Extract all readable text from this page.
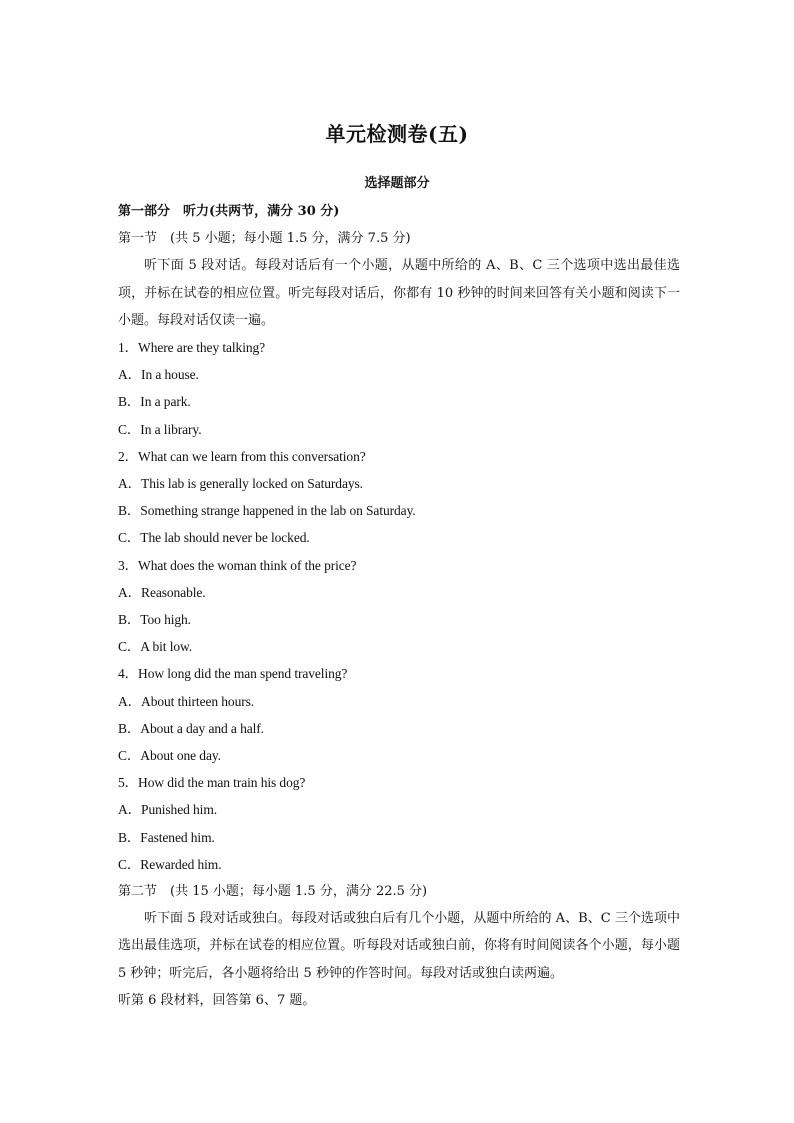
单元检测卷(五)
选择题部分
第一部分　听力(共两节，满分 30 分)
第一节　(共 5 小题；每小题 1.5 分，满分 7.5 分)
听下面 5 段对话。每段对话后有一个小题，从题中所给的 A、B、C 三个选项中选出最佳选项，并标在试卷的相应位置。听完每段对话后，你都有 10 秒钟的时间来回答有关小题和阅读下一小题。每段对话仅读一遍。
1．Where are they talking?
A．In a house.
B．In a park.
C．In a library.
2．What can we learn from this conversation?
A．This lab is generally locked on Saturdays.
B．Something strange happened in the lab on Saturday.
C．The lab should never be locked.
3．What does the woman think of the price?
A．Reasonable.
B．Too high.
C．A bit low.
4．How long did the man spend traveling?
A．About thirteen hours.
B．About a day and a half.
C．About one day.
5．How did the man train his dog?
A．Punished him.
B．Fastened him.
C．Rewarded him.
第二节　(共 15 小题；每小题 1.5 分，满分 22.5 分)
听下面 5 段对话或独白。每段对话或独白后有几个小题，从题中所给的 A、B、C 三个选项中选出最佳选项，并标在试卷的相应位置。听每段对话或独白前，你将有时间阅读各个小题，每小题 5 秒钟；听完后，各小题将给出 5 秒钟的作答时间。每段对话或独白读两遍。
听第 6 段材料，回答第 6、7 题。
